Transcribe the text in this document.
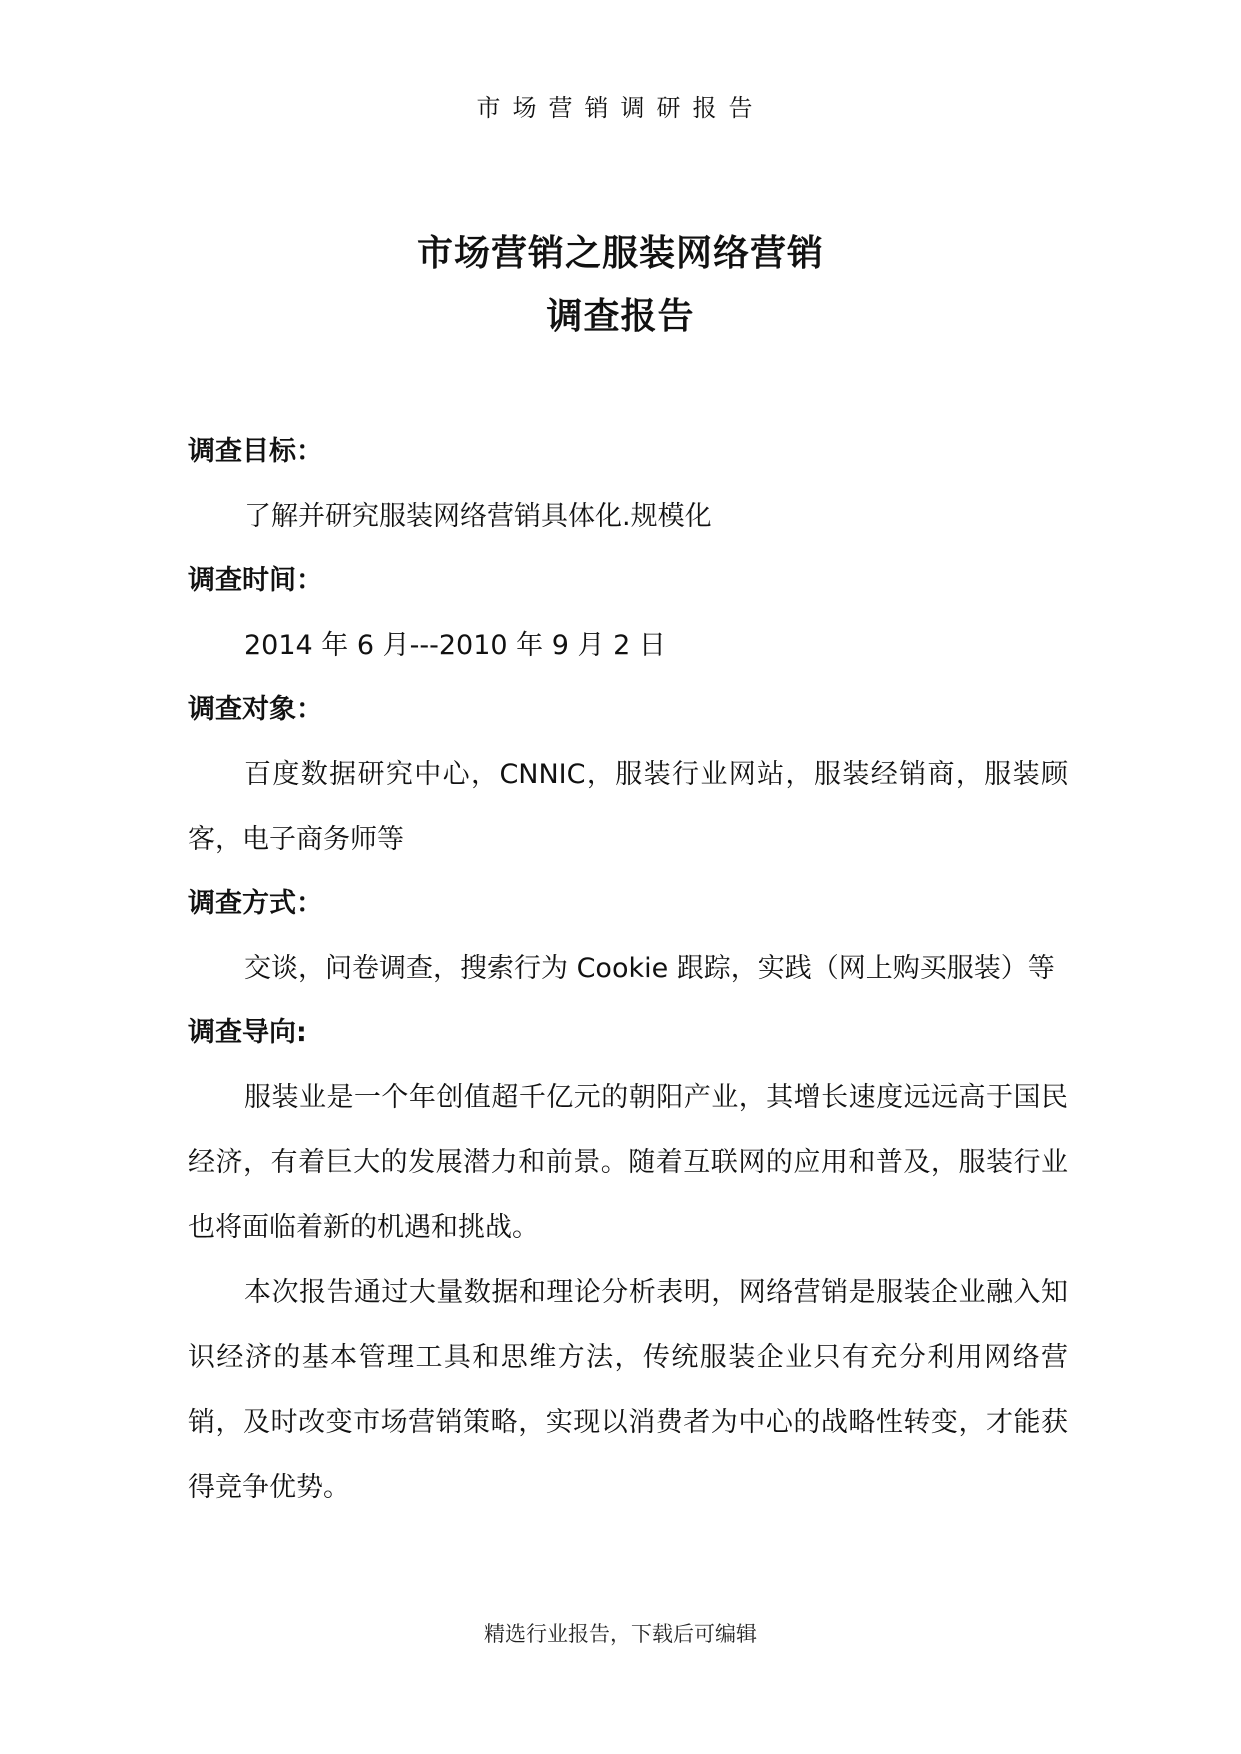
市场营销调研报告
市场营销之服装网络营销
调查报告

调查目标：

了解并研究服装网络营销具体化.规模化

调查时间：

2014 年 6 月---2010 年 9 月 2 日

调查对象：

百度数据研究中心，CNNIC，服装行业网站，服装经销商，服装顾客，电子商务师等

调查方式：

交谈，问卷调查，搜索行为 Cookie 跟踪，实践（网上购买服装）等

调查导向:

服装业是一个年创值超千亿元的朝阳产业，其增长速度远远高于国民经济，有着巨大的发展潜力和前景。随着互联网的应用和普及，服装行业也将面临着新的机遇和挑战。

本次报告通过大量数据和理论分析表明，网络营销是服装企业融入知识经济的基本管理工具和思维方法，传统服装企业只有充分利用网络营销，及时改变市场营销策略，实现以消费者为中心的战略性转变，才能获得竞争优势。

精选行业报告，下载后可编辑
